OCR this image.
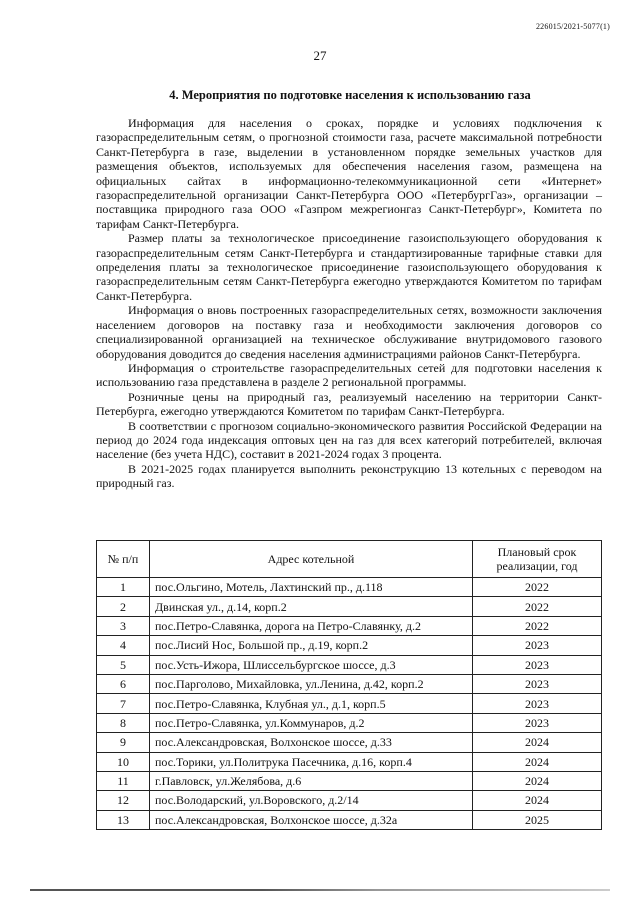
226015/2021-5077(1)
27
4. Мероприятия по подготовке населения к использованию газа

Информация для населения о сроках, порядке и условиях подключения к газораспределительным сетям, о прогнозной стоимости газа, расчете максимальной потребности Санкт-Петербурга в газе, выделении в установленном порядке земельных участков для размещения объектов, используемых для обеспечения населения газом, размещена на официальных сайтах в информационно-телекоммуникационной сети «Интернет» газораспределительной организации Санкт-Петербурга ООО «ПетербургГаз», организации – поставщика природного газа ООО «Газпром межрегионгаз Санкт-Петербург», Комитета по тарифам Санкт-Петербурга.

Размер платы за технологическое присоединение газоиспользующего оборудования к газораспределительным сетям Санкт-Петербурга и стандартизированные тарифные ставки для определения платы за технологическое присоединение газоиспользующего оборудования к газораспределительным сетям Санкт-Петербурга ежегодно утверждаются Комитетом по тарифам Санкт-Петербурга.

Информация о вновь построенных газораспределительных сетях, возможности заключения населением договоров на поставку газа и необходимости заключения договоров со специализированной организацией на техническое обслуживание внутридомового газового оборудования доводится до сведения населения администрациями районов Санкт-Петербурга.

Информация о строительстве газораспределительных сетей для подготовки населения к использованию газа представлена в разделе 2 региональной программы.

Розничные цены на природный газ, реализуемый населению на территории Санкт-Петербурга, ежегодно утверждаются Комитетом по тарифам Санкт-Петербурга.

В соответствии с прогнозом социально-экономического развития Российской Федерации на период до 2024 года индексация оптовых цен на газ для всех категорий потребителей, включая население (без учета НДС), составит в 2021-2024 годах 3 процента.

В 2021-2025 годах планируется выполнить реконструкцию 13 котельных с переводом на природный газ.

№ п/п	Адрес котельной	Плановый срок реализации, год
1	пос.Ольгино, Мотель, Лахтинский пр., д.118	2022
2	Двинская ул., д.14, корп.2	2022
3	пос.Петро-Славянка, дорога на Петро-Славянку, д.2	2022
4	пос.Лисий Нос, Большой пр., д.19, корп.2	2023
5	пос.Усть-Ижора, Шлиссельбургское шоссе, д.3	2023
6	пос.Парголово, Михайловка, ул.Ленина, д.42, корп.2	2023
7	пос.Петро-Славянка, Клубная ул., д.1, корп.5	2023
8	пос.Петро-Славянка, ул.Коммунаров, д.2	2023
9	пос.Александровская, Волхонское шоссе, д.33	2024
10	пос.Торики, ул.Политрука Пасечника, д.16, корп.4	2024
11	г.Павловск, ул.Желябова, д.6	2024
12	пос.Володарский, ул.Воровского, д.2/14	2024
13	пос.Александровская, Волхонское шоссе, д.32а	2025
